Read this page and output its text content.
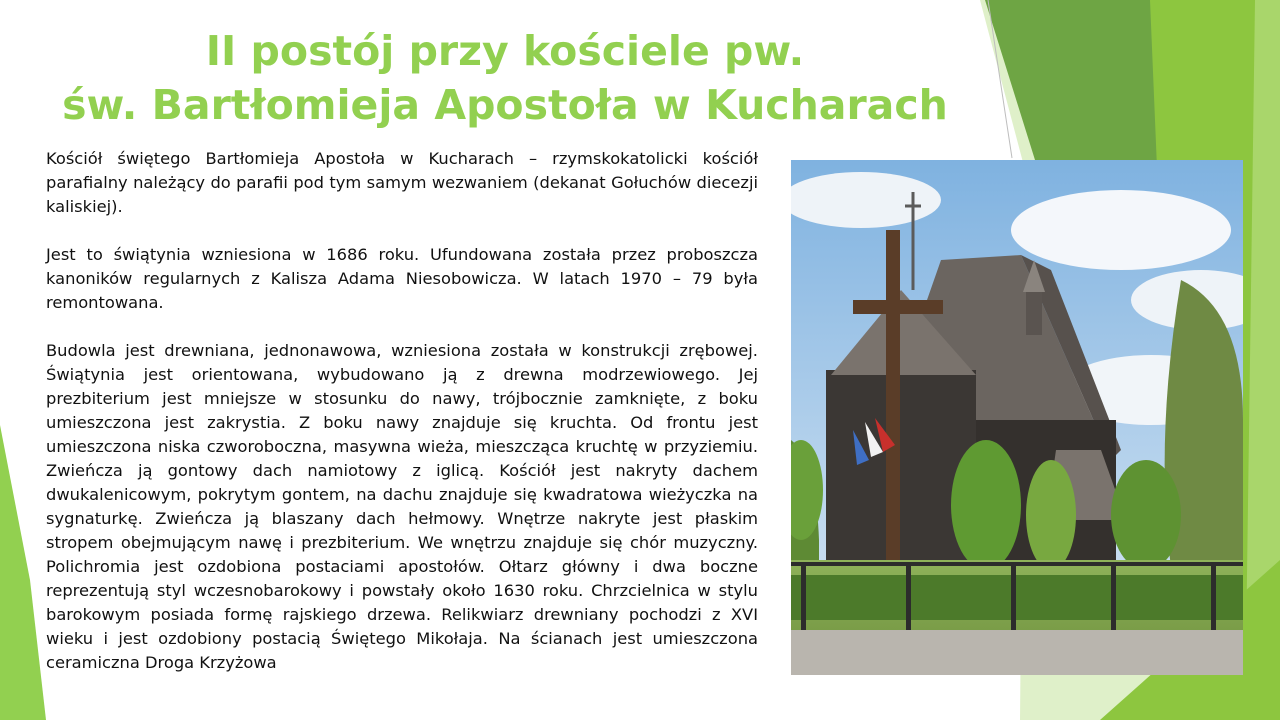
II postój przy kościele pw.
św. Bartłomieja Apostoła w Kucharach

Kościół świętego Bartłomieja Apostoła w Kucharach – rzymskokatolicki kościół parafialny należący do parafii pod tym samym wezwaniem (dekanat Gołuchów diecezji kaliskiej).

Jest to świątynia wzniesiona w 1686 roku. Ufundowana została przez proboszcza kanoników regularnych z Kalisza Adama Niesobowicza. W latach 1970 – 79 była remontowana.

Budowla jest drewniana, jednonawowa, wzniesiona została w konstrukcji zrębowej. Świątynia jest orientowana, wybudowano ją z drewna modrzewiowego. Jej prezbiterium jest mniejsze w stosunku do nawy, trójbocznie zamknięte, z boku umieszczona jest zakrystia. Z boku nawy znajduje się kruchta. Od frontu jest umieszczona niska czworoboczna, masywna wieża, mieszcząca kruchtę w przyziemiu. Zwieńcza ją gontowy dach namiotowy z iglicą. Kościół jest nakryty dachem dwukalenicowym, pokrytym gontem, na dachu znajduje się kwadratowa wieżyczka na sygnaturkę. Zwieńcza ją blaszany dach hełmowy. Wnętrze nakryte jest płaskim stropem obejmującym nawę i prezbiterium. We wnętrzu znajduje się chór muzyczny. Polichromia jest ozdobiona postaciami apostołów. Ołtarz główny i dwa boczne reprezentują styl wczesnobarokowy i powstały około 1630 roku. Chrzcielnica w stylu barokowym posiada formę rajskiego drzewa. Relikwiarz drewniany pochodzi z XVI wieku i jest ozdobiony postacią Świętego Mikołaja. Na ścianach jest umieszczona ceramiczna Droga Krzyżowa
